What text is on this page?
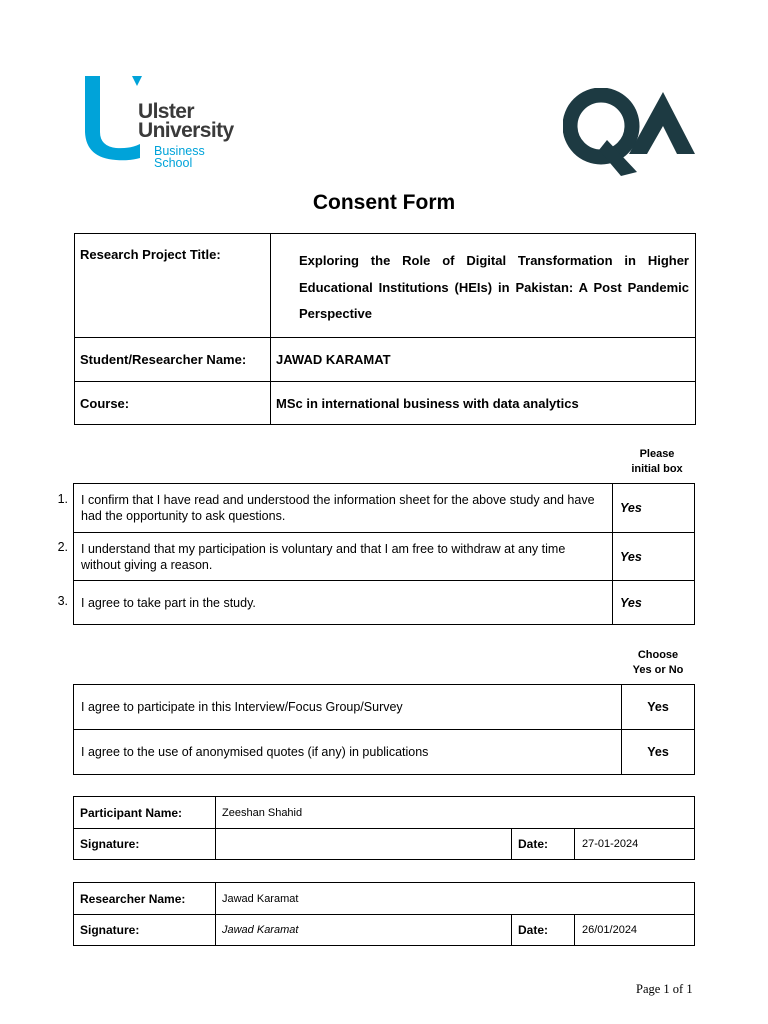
Ulster
University
Business
School
Consent Form
Research Project Title:	Exploring the Role of Digital Transformation in Higher Educational Institutions (HEIs) in Pakistan: A Post Pandemic Perspective

Student/Researcher Name:	JAWAD KARAMAT
Course:	MSc in international business with data analytics
Please
initial box
1.
2.
3.
I confirm that I have read and understood the information sheet for the above study and have had the opportunity to ask questions.	Yes
I understand that my participation is voluntary and that I am free to withdraw at any time without giving a reason.	Yes
I agree to take part in the study.	Yes
Choose
Yes or No
I agree to participate in this Interview/Focus Group/Survey	Yes
I agree to the use of anonymised quotes (if any) in publications	Yes
Participant Name:	Zeeshan Shahid		
Signature:		Date:	27-01-2024
Researcher Name:	Jawad Karamat		
Signature:	Jawad Karamat	Date:	26/01/2024
Page 1 of 1
